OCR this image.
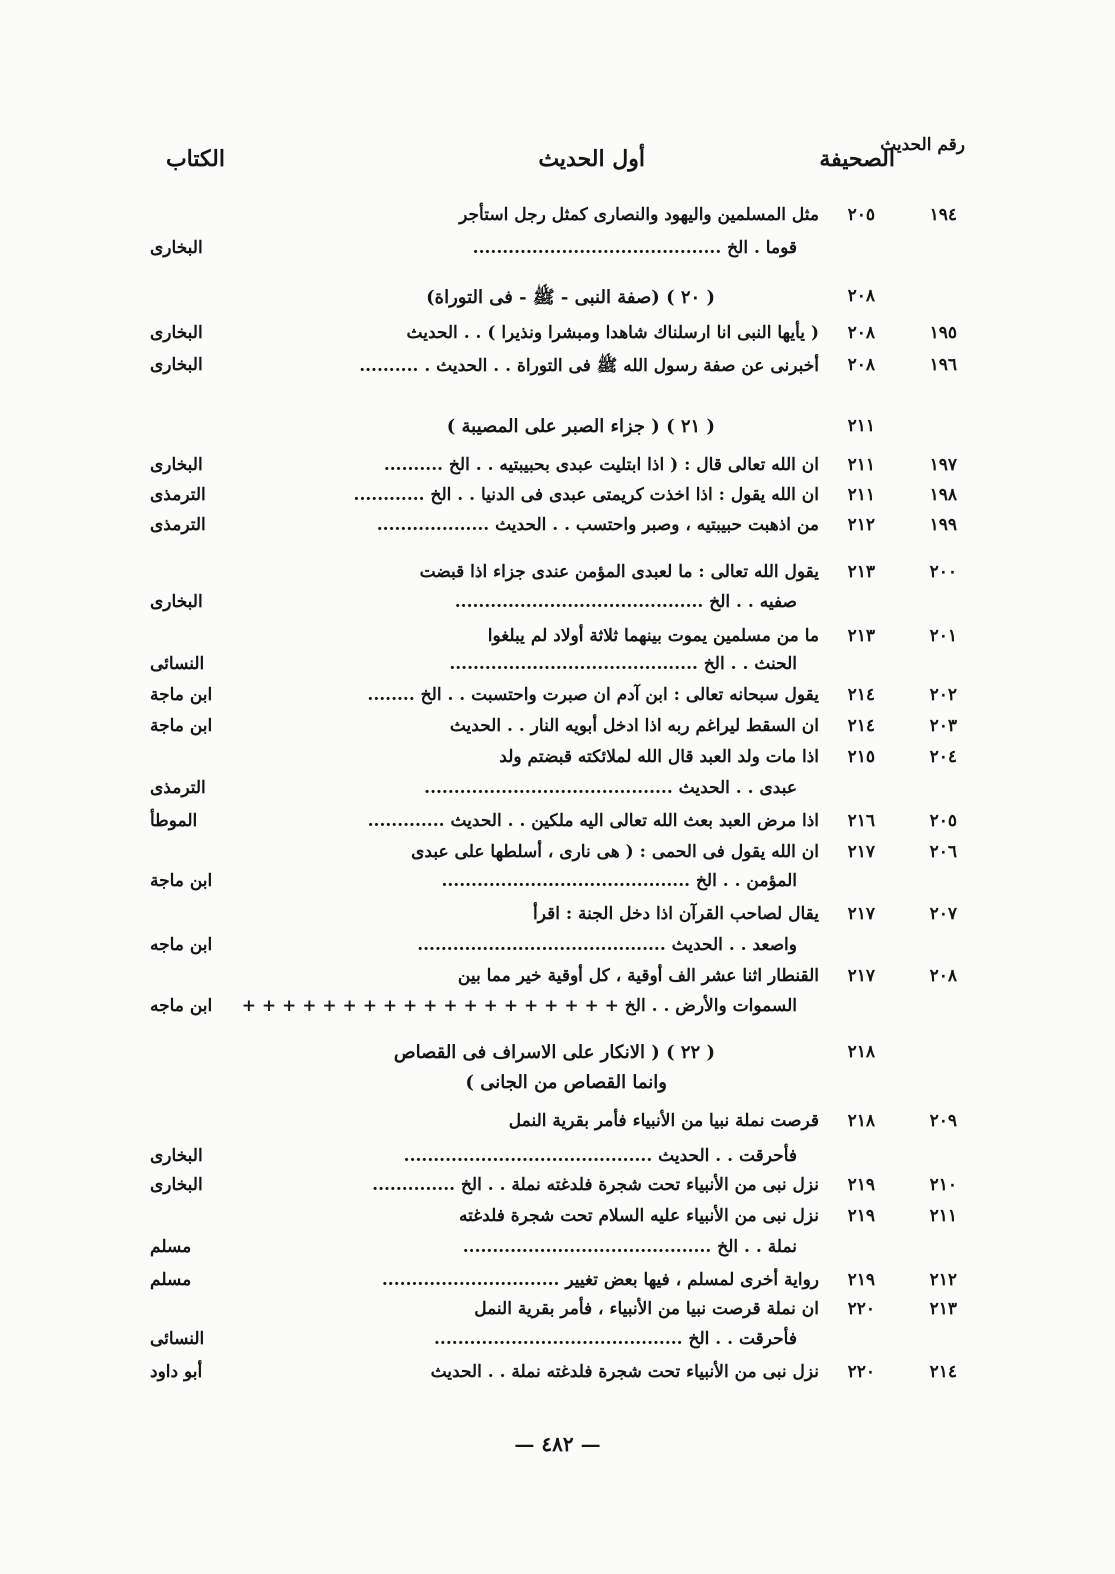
رقم الحديث
الصحيفة
أول الحديث
الكتاب
١٩٤
٢٠٥
مثل المسلمين واليهود والنصارى كمثل رجل استأجر
قوما . الخ ..........................................
البخارى
٢٠٨
( ٢٠ ) (صفة النبى - ﷺ - فى التوراة)
١٩٥
٢٠٨
( يأيها النبى انا ارسلناك شاهدا ومبشرا ونذيرا ) . . الحديث
البخارى
١٩٦
٢٠٨
أخبرنى عن صفة رسول الله ﷺ فى التوراة . . الحديث . ..........
البخارى
٢١١
( ٢١ ) ( جزاء الصبر على المصيبة )
١٩٧
٢١١
ان الله تعالى قال : ( اذا ابتليت عبدى بحبيبتيه . . الخ ..........
البخارى
١٩٨
٢١١
ان الله يقول : اذا اخذت كريمتى عبدى فى الدنيا . . الخ ............
الترمذى
١٩٩
٢١٢
من اذهبت حبيبتيه ، وصبر واحتسب . . الحديث ...................
الترمذى
٢٠٠
٢١٣
يقول الله تعالى : ما لعبدى المؤمن عندى جزاء اذا قبضت
صفيه . . الخ ..........................................
البخارى
٢٠١
٢١٣
ما من مسلمين يموت بينهما ثلاثة أولاد لم يبلغوا
الحنث . . الخ ..........................................
النسائى
٢٠٢
٢١٤
يقول سبحانه تعالى : ابن آدم ان صبرت واحتسبت . . الخ ........
ابن ماجة
٢٠٣
٢١٤
ان السقط ليراغم ربه اذا ادخل أبويه النار . . الحديث
ابن ماجة
٢٠٤
٢١٥
اذا مات ولد العبد قال الله لملائكته قبضتم ولد
عبدى . . الحديث ..........................................
الترمذى
٢٠٥
٢١٦
اذا مرض العبد بعث الله تعالى اليه ملكين . . الحديث .............
الموطأ
٢٠٦
٢١٧
ان الله يقول فى الحمى : ( هى نارى ، أسلطها على عبدى
المؤمن . . الخ ..........................................
ابن ماجة
٢٠٧
٢١٧
يقال لصاحب القرآن اذا دخل الجنة : اقرأ
واصعد . . الحديث ..........................................
ابن ماجه
٢٠٨
٢١٧
القنطار اثنا عشر الف أوقية ، كل أوقية خير مما بين
السموات والأرض . . الخ + + + + + + + + + + + + + + + + + + +
ابن ماجه
٢١٨
( ٢٢ ) ( الانكار على الاسراف فى القصاص
وانما القصاص من الجانى )
٢٠٩
٢١٨
قرصت نملة نبيا من الأنبياء فأمر بقرية النمل
فأحرقت . . الحديث ..........................................
البخارى
٢١٠
٢١٩
نزل نبى من الأنبياء تحت شجرة فلدغته نملة . . الخ ..............
البخارى
٢١١
٢١٩
نزل نبى من الأنبياء عليه السلام تحت شجرة فلدغته
نملة . . الخ ..........................................
مسلم
٢١٢
٢١٩
رواية أخرى لمسلم ، فيها بعض تغيير ..............................
مسلم
٢١٣
٢٢٠
ان نملة قرصت نبيا من الأنبياء ، فأمر بقرية النمل
فأحرقت . . الخ ..........................................
النسائى
٢١٤
٢٢٠
نزل نبى من الأنبياء تحت شجرة فلدغته نملة . . الحديث
أبو داود
— ٤٨٢ —
